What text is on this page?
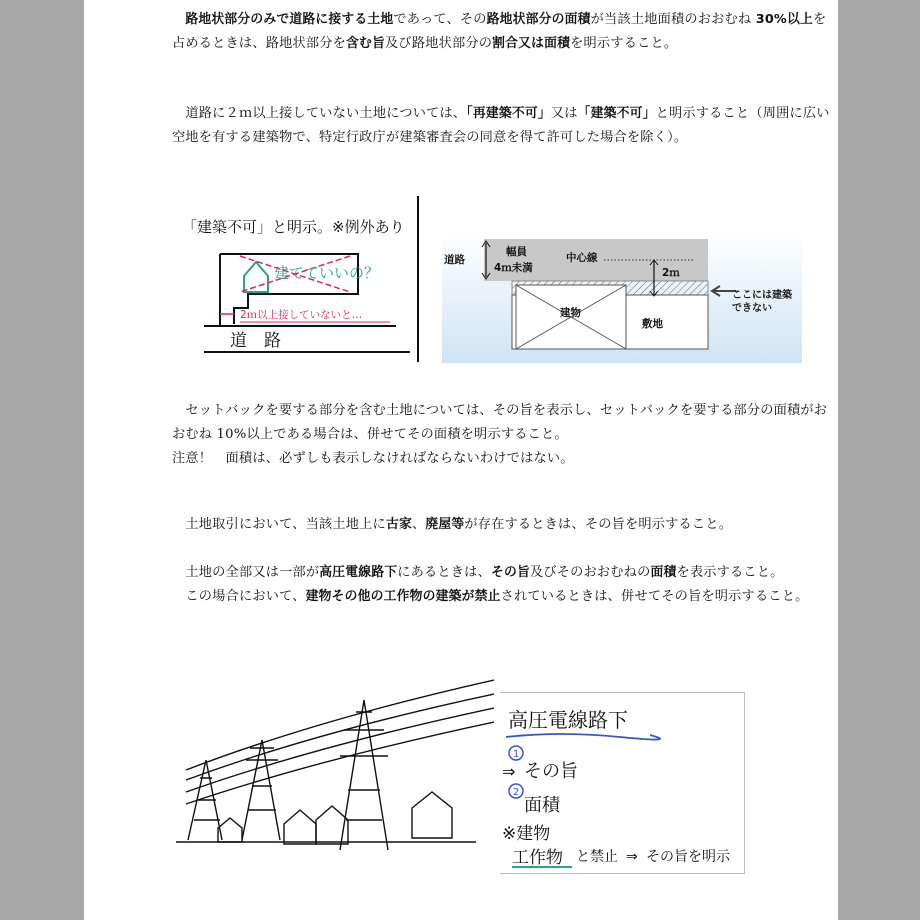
　路地状部分のみで道路に接する土地であって、その路地状部分の面積が当該土地面積のおおむね 30%以上を占めるときは、路地状部分を含む旨及び路地状部分の割合又は面積を明示すること。

　道路に２ｍ以上接していない土地については、「再建築不可」又は「建築不可」と明示すること（周囲に広い空地を有する建築物で、特定行政庁が建築審査会の同意を得て許可した場合を除く）。

「建築不可」と明示。※例外あり
建てていいの？
2ｍ以上接していないと…
道　路
道路
幅員
4ｍ未満
中心線
2ｍ
建物
敷地
ここには建築
できない

　セットバックを要する部分を含む土地については、その旨を表示し、セットバックを要する部分の面積がおおむね 10%以上である場合は、併せてその面積を明示すること。
注意！　面積は、必ずしも表示しなければならないわけではない。

　土地取引において、当該土地上に古家、廃屋等が存在するときは、その旨を明示すること。

　土地の全部又は一部が高圧電線路下にあるときは、その旨及びそのおおむねの面積を表示すること。
　この場合において、建物その他の工作物の建築が禁止されているときは、併せてその旨を明示すること。

高圧電線路下
1
⇒ その旨
2
面積
※建物
工作物 と禁止 ⇒ その旨を明示
